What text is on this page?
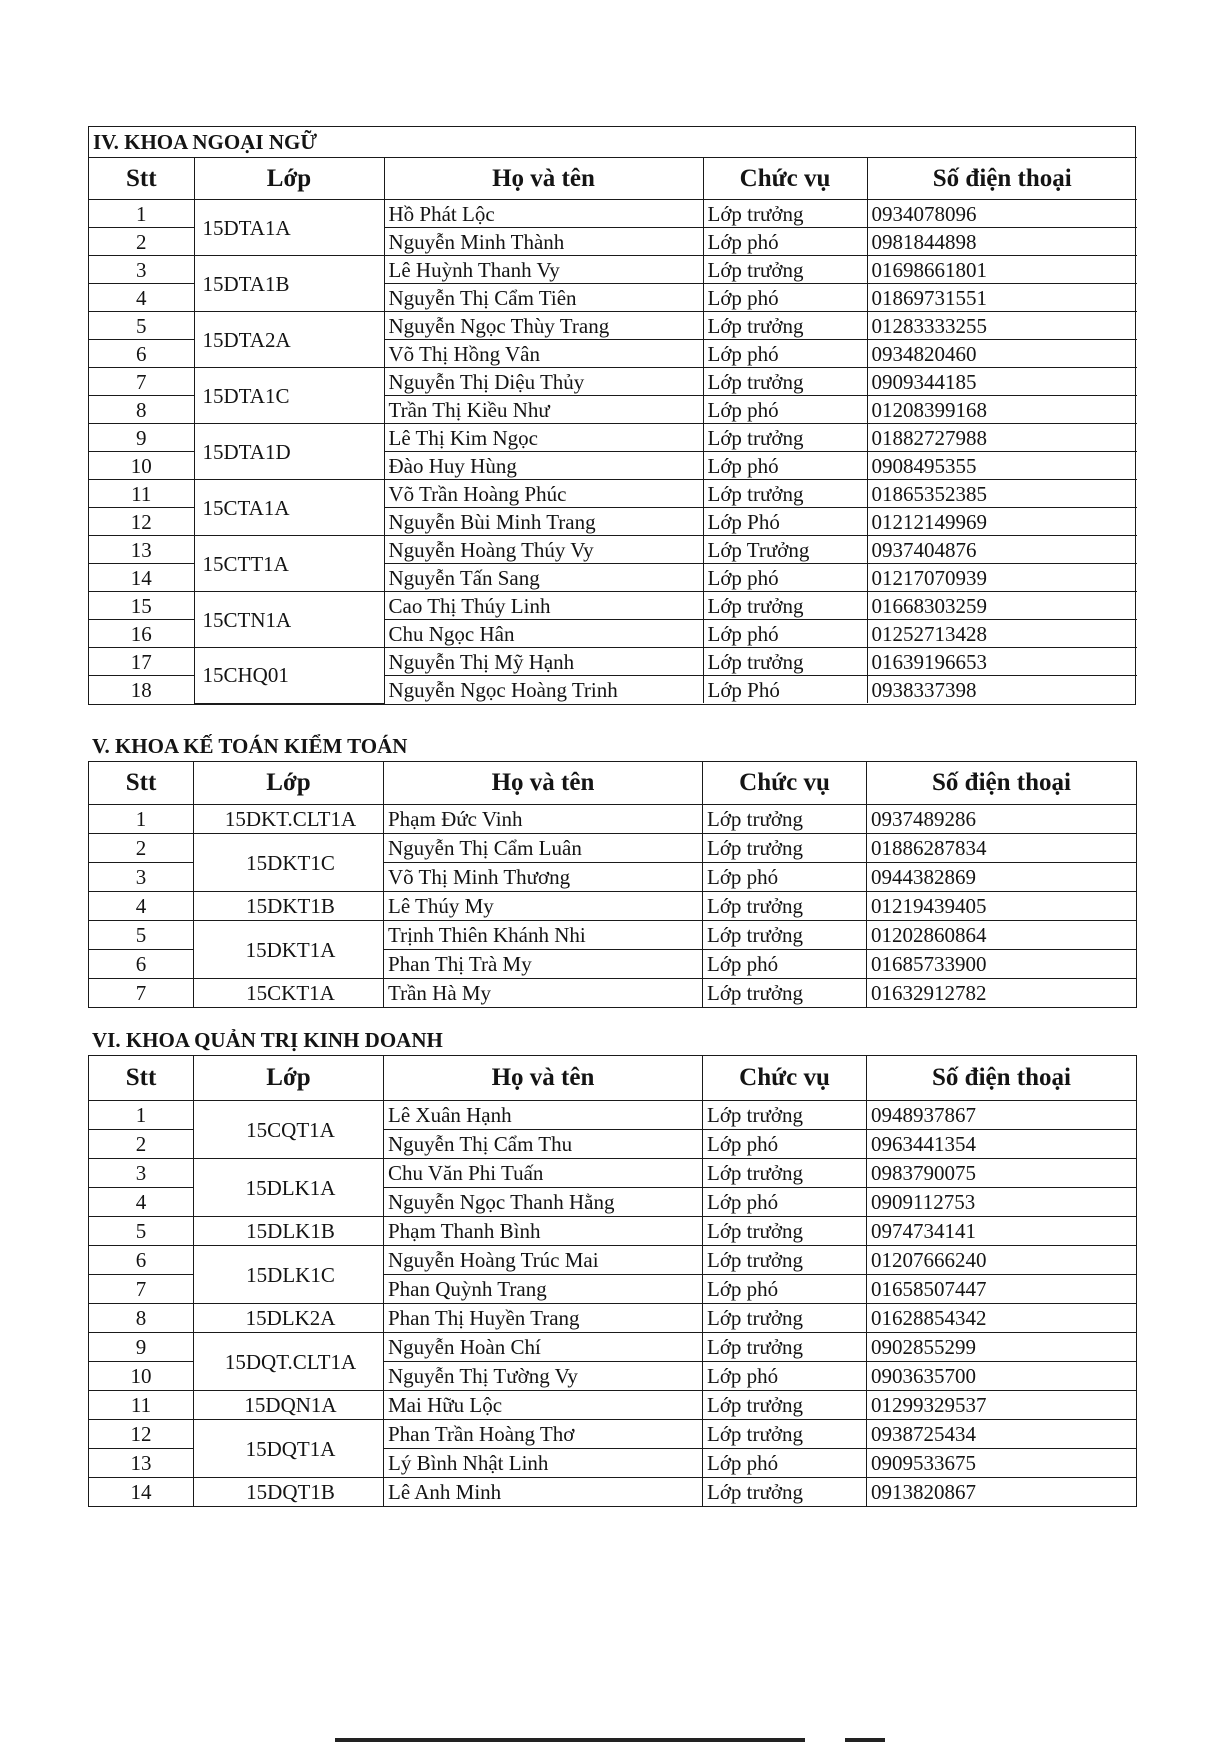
IV. KHOA NGOẠI NGỮ
Stt	Lớp	Họ và tên	Chức vụ	Số điện thoại
1	15DTA1A	Hồ Phát Lộc	Lớp trưởng	0934078096
2		Nguyễn Minh Thành	Lớp phó	0981844898
3	15DTA1B	Lê Huỳnh Thanh Vy	Lớp trưởng	01698661801
4		Nguyễn Thị Cẩm Tiên	Lớp phó	01869731551
5	15DTA2A	Nguyễn Ngọc Thùy Trang	Lớp trưởng	01283333255
6		Võ Thị Hồng Vân	Lớp phó	0934820460
7	15DTA1C	Nguyễn Thị Diệu Thủy	Lớp trưởng	0909344185
8		Trần Thị Kiều Như	Lớp phó	01208399168
9	15DTA1D	Lê Thị Kim Ngọc	Lớp trưởng	01882727988
10		Đào Huy Hùng	Lớp phó	0908495355
11	15CTA1A	Võ Trần Hoàng Phúc	Lớp trưởng	01865352385
12		Nguyễn Bùi Minh Trang	Lớp Phó	01212149969
13	15CTT1A	Nguyễn Hoàng Thúy Vy	Lớp Trưởng	0937404876
14		Nguyễn Tấn Sang	Lớp phó	01217070939
15	15CTN1A	Cao Thị Thúy Linh	Lớp trưởng	01668303259
16		Chu Ngọc Hân	Lớp phó	01252713428
17	15CHQ01	Nguyễn Thị Mỹ Hạnh	Lớp trưởng	01639196653
18		Nguyễn Ngọc Hoàng Trinh	Lớp Phó	0938337398
V. KHOA KẾ TOÁN KIỂM TOÁN
Stt	Lớp	Họ và tên	Chức vụ	Số điện thoại
1	15DKT.CLT1A	Phạm Đức Vinh	Lớp trưởng	0937489286
2	15DKT1C	Nguyễn Thị Cẩm Luân	Lớp trưởng	01886287834
3		Võ Thị Minh Thương	Lớp phó	0944382869
4	15DKT1B	Lê Thúy My	Lớp trưởng	01219439405
5	15DKT1A	Trịnh Thiên Khánh Nhi	Lớp trưởng	01202860864
6		Phan Thị Trà My	Lớp phó	01685733900
7	15CKT1A	Trần Hà My	Lớp trưởng	01632912782
VI. KHOA QUẢN TRỊ KINH DOANH
Stt	Lớp	Họ và tên	Chức vụ	Số điện thoại
1	15CQT1A	Lê Xuân Hạnh	Lớp trưởng	0948937867
2		Nguyễn Thị Cẩm Thu	Lớp phó	0963441354
3	15DLK1A	Chu Văn Phi Tuấn	Lớp trưởng	0983790075
4		Nguyễn Ngọc Thanh Hằng	Lớp phó	0909112753
5	15DLK1B	Phạm Thanh Bình	Lớp trưởng	0974734141
6	15DLK1C	Nguyễn Hoàng Trúc Mai	Lớp trưởng	01207666240
7		Phan Quỳnh Trang	Lớp phó	01658507447
8	15DLK2A	Phan Thị Huyền Trang	Lớp trưởng	01628854342
9	15DQT.CLT1A	Nguyễn Hoàn Chí	Lớp trưởng	0902855299
10		Nguyễn Thị Tường Vy	Lớp phó	0903635700
11	15DQN1A	Mai Hữu Lộc	Lớp trưởng	01299329537
12	15DQT1A	Phan Trần Hoàng Thơ	Lớp trưởng	0938725434
13		Lý Bình Nhật Linh	Lớp phó	0909533675
14	15DQT1B	Lê Anh Minh	Lớp trưởng	0913820867
